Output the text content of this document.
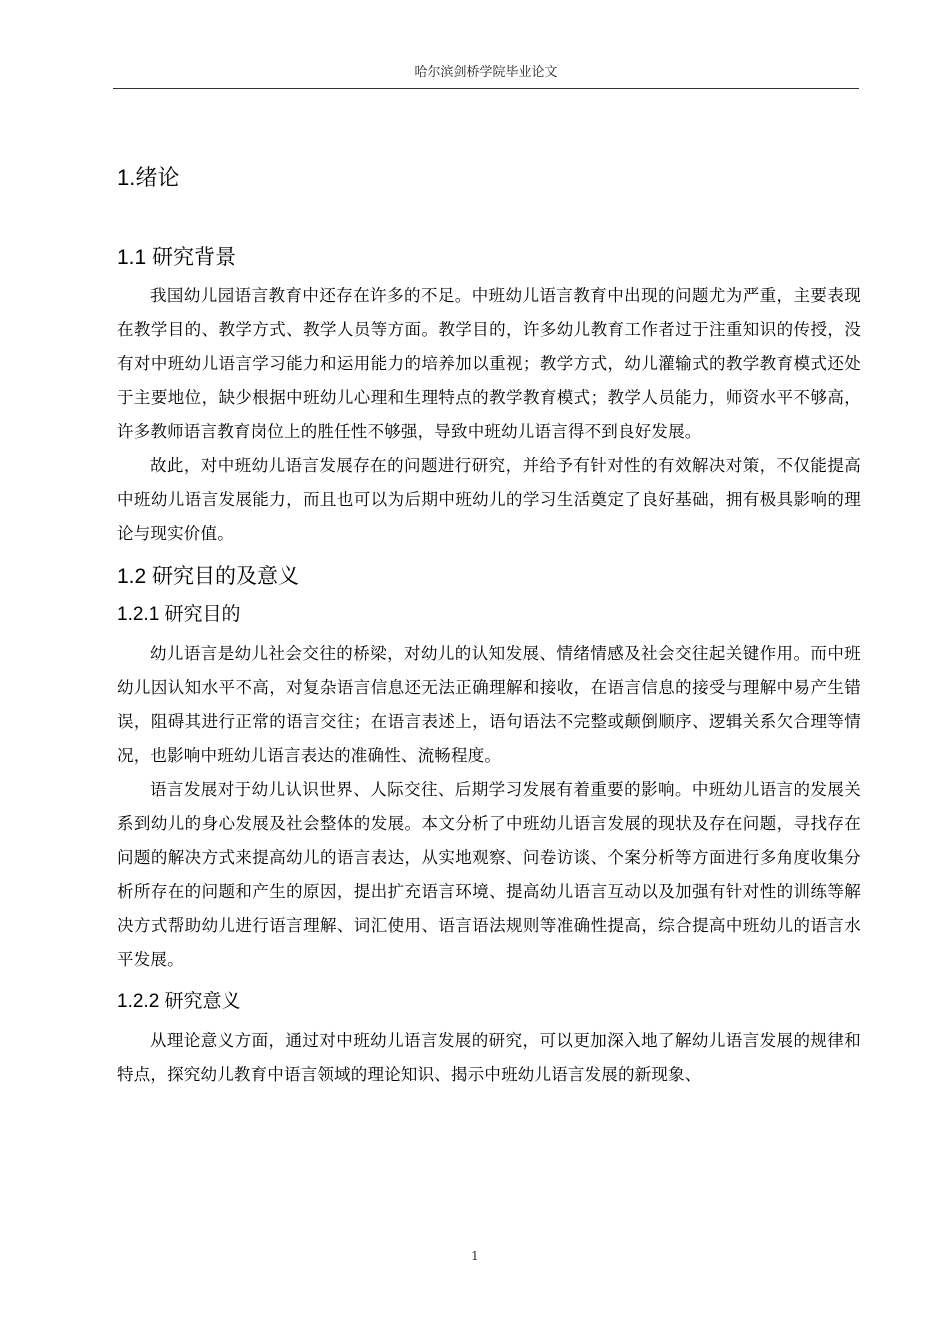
哈尔滨剑桥学院毕业论文
1.绪论
1.1 研究背景

我国幼儿园语言教育中还存在许多的不足。中班幼儿语言教育中出现的问题尤为严重，主要表现在教学目的、教学方式、教学人员等方面。教学目的，许多幼儿教育工作者过于注重知识的传授，没有对中班幼儿语言学习能力和运用能力的培养加以重视；教学方式，幼儿灌输式的教学教育模式还处于主要地位，缺少根据中班幼儿心理和生理特点的教学教育模式；教学人员能力，师资水平不够高，许多教师语言教育岗位上的胜任性不够强，导致中班幼儿语言得不到良好发展。

故此，对中班幼儿语言发展存在的问题进行研究，并给予有针对性的有效解决对策，不仅能提高中班幼儿语言发展能力，而且也可以为后期中班幼儿的学习生活奠定了良好基础，拥有极具影响的理论与现实价值。

1.2 研究目的及意义
1.2.1 研究目的

幼儿语言是幼儿社会交往的桥梁，对幼儿的认知发展、情绪情感及社会交往起关键作用。而中班幼儿因认知水平不高，对复杂语言信息还无法正确理解和接收，在语言信息的接受与理解中易产生错误，阻碍其进行正常的语言交往；在语言表述上，语句语法不完整或颠倒顺序、逻辑关系欠合理等情况，也影响中班幼儿语言表达的准确性、流畅程度。

语言发展对于幼儿认识世界、人际交往、后期学习发展有着重要的影响。中班幼儿语言的发展关系到幼儿的身心发展及社会整体的发展。本文分析了中班幼儿语言发展的现状及存在问题，寻找存在问题的解决方式来提高幼儿的语言表达，从实地观察、问卷访谈、个案分析等方面进行多角度收集分析所存在的问题和产生的原因，提出扩充语言环境、提高幼儿语言互动以及加强有针对性的训练等解决方式帮助幼儿进行语言理解、词汇使用、语言语法规则等准确性提高，综合提高中班幼儿的语言水平发展。

1.2.2 研究意义

从理论意义方面，通过对中班幼儿语言发展的研究，可以更加深入地了解幼儿语言发展的规律和特点，探究幼儿教育中语言领域的理论知识、揭示中班幼儿语言发展的新现象、

1
